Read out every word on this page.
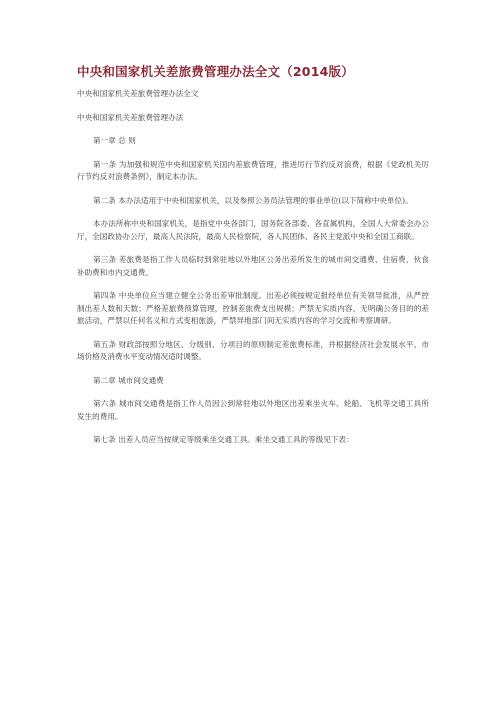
中央和国家机关差旅费管理办法全文（2014版）

中央和国家机关差旅费管理办法全文

中央和国家机关差旅费管理办法

第一章 总 则

第一条 为加强和规范中央和国家机关国内差旅费管理，推进厉行节约反对浪费，根据《党政机关厉行节约反对浪费条例》，制定本办法。

第二条 本办法适用于中央和国家机关，以及参照公务员法管理的事业单位(以下简称中央单位)。

本办法所称中央和国家机关，是指党中央各部门，国务院各部委、各直属机构，全国人大常委会办公厅，全国政协办公厅，最高人民法院，最高人民检察院，各人民团体、各民主党派中央和全国工商联。

第三条 差旅费是指工作人员临时到常驻地以外地区公务出差所发生的城市间交通费、住宿费、伙食补助费和市内交通费。

第四条 中央单位应当建立健全公务出差审批制度。出差必须按规定报经单位有关领导批准，从严控制出差人数和天数；严格差旅费预算管理，控制差旅费支出规模；严禁无实质内容、无明确公务目的的差旅活动，严禁以任何名义和方式变相旅游，严禁异地部门间无实质内容的学习交流和考察调研。

第五条 财政部按照分地区、分级别、分项目的原则制定差旅费标准，并根据经济社会发展水平、市场价格及消费水平变动情况适时调整。

第二章 城市间交通费

第六条 城市间交通费是指工作人员因公到常驻地以外地区出差乘坐火车、轮船、飞机等交通工具所发生的费用。

第七条 出差人员应当按规定等级乘坐交通工具。乘坐交通工具的等级见下表：
